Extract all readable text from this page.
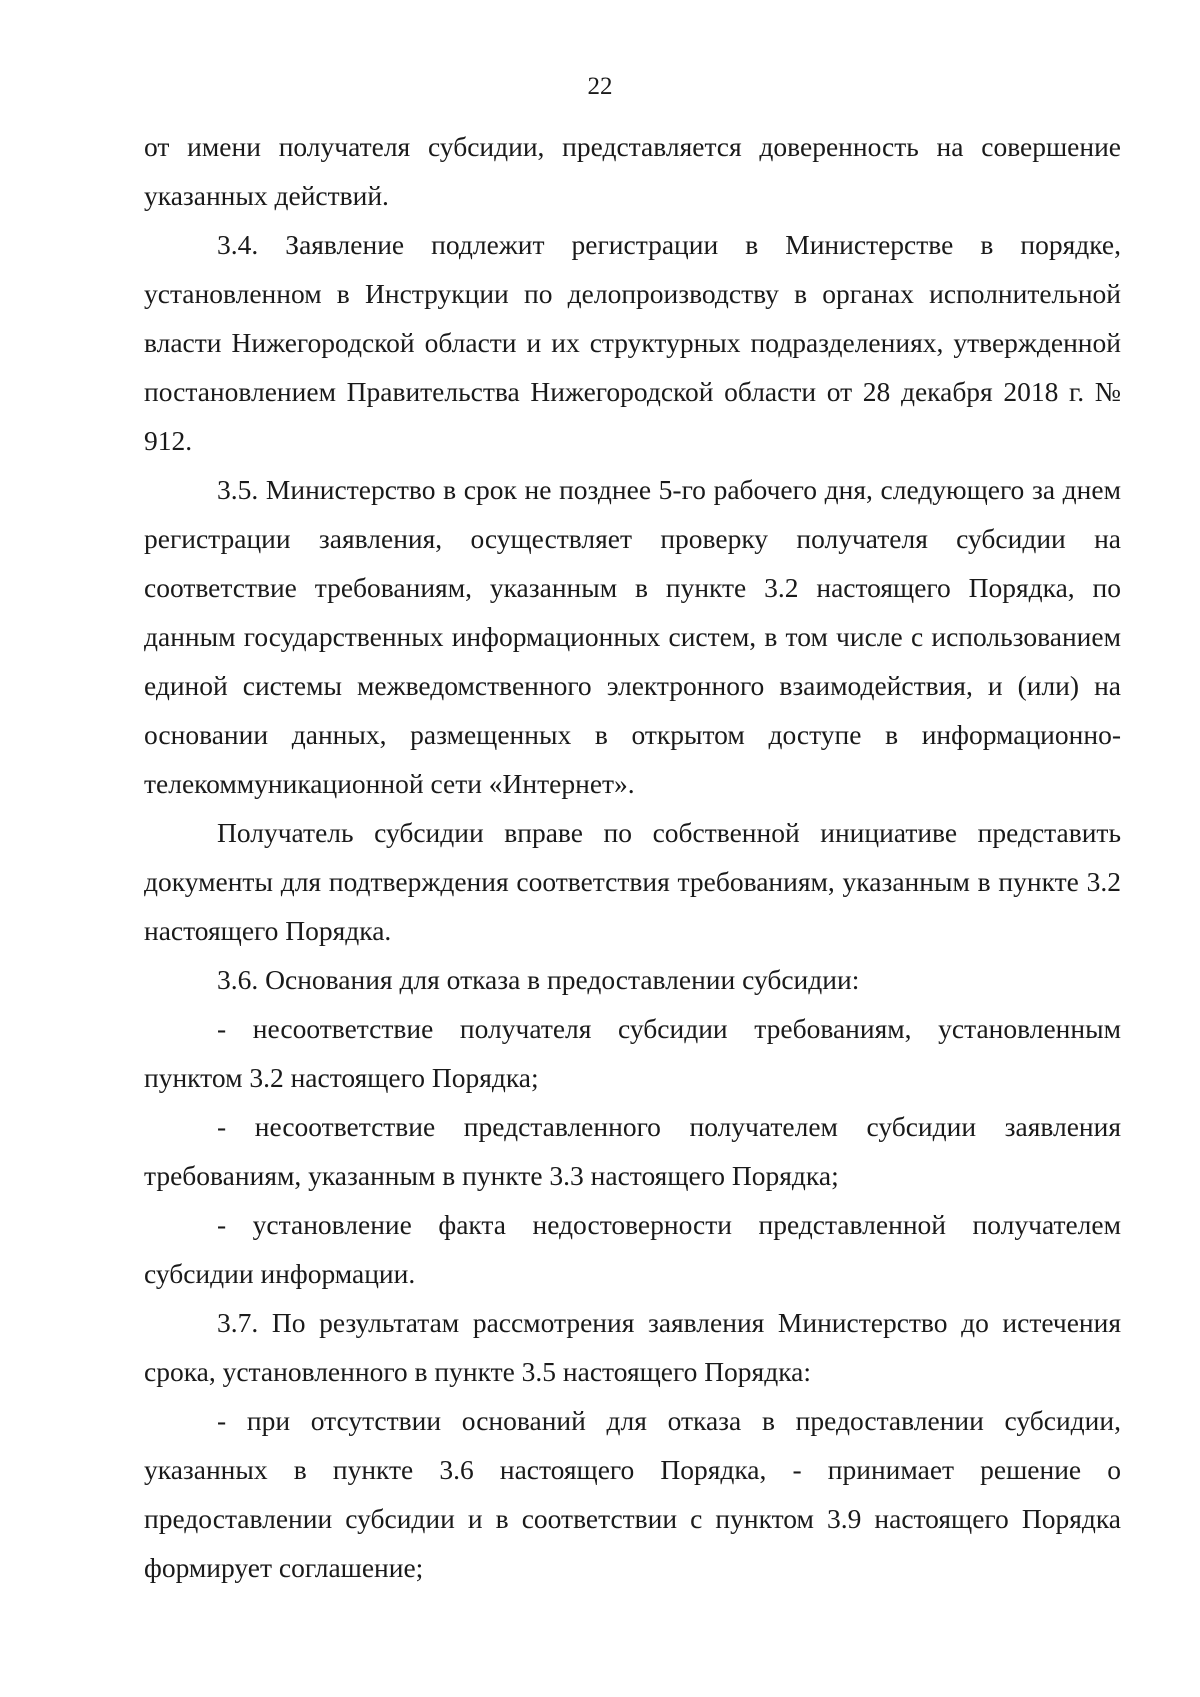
22

от имени получателя субсидии, представляется доверенность на совершение указанных действий.

3.4. Заявление подлежит регистрации в Министерстве в порядке, установленном в Инструкции по делопроизводству в органах исполнительной власти Нижегородской области и их структурных подразделениях, утвержденной постановлением Правительства Нижегородской области от 28 декабря 2018 г. № 912.

3.5. Министерство в срок не позднее 5-го рабочего дня, следующего за днем регистрации заявления, осуществляет проверку получателя субсидии на соответствие требованиям, указанным в пункте 3.2 настоящего Порядка, по данным государственных информационных систем, в том числе с использованием единой системы межведомственного электронного взаимодействия, и (или) на основании данных, размещенных в открытом доступе в информационно-телекоммуникационной сети «Интернет».

Получатель субсидии вправе по собственной инициативе представить документы для подтверждения соответствия требованиям, указанным в пункте 3.2 настоящего Порядка.

3.6. Основания для отказа в предоставлении субсидии:

- несоответствие получателя субсидии требованиям, установленным пунктом 3.2 настоящего Порядка;

- несоответствие представленного получателем субсидии заявления требованиям, указанным в пункте 3.3 настоящего Порядка;

- установление факта недостоверности представленной получателем субсидии информации.

3.7. По результатам рассмотрения заявления Министерство до истечения срока, установленного в пункте 3.5 настоящего Порядка:

- при отсутствии оснований для отказа в предоставлении субсидии, указанных в пункте 3.6 настоящего Порядка, - принимает решение о предоставлении субсидии и в соответствии с пунктом 3.9 настоящего Порядка формирует соглашение;
